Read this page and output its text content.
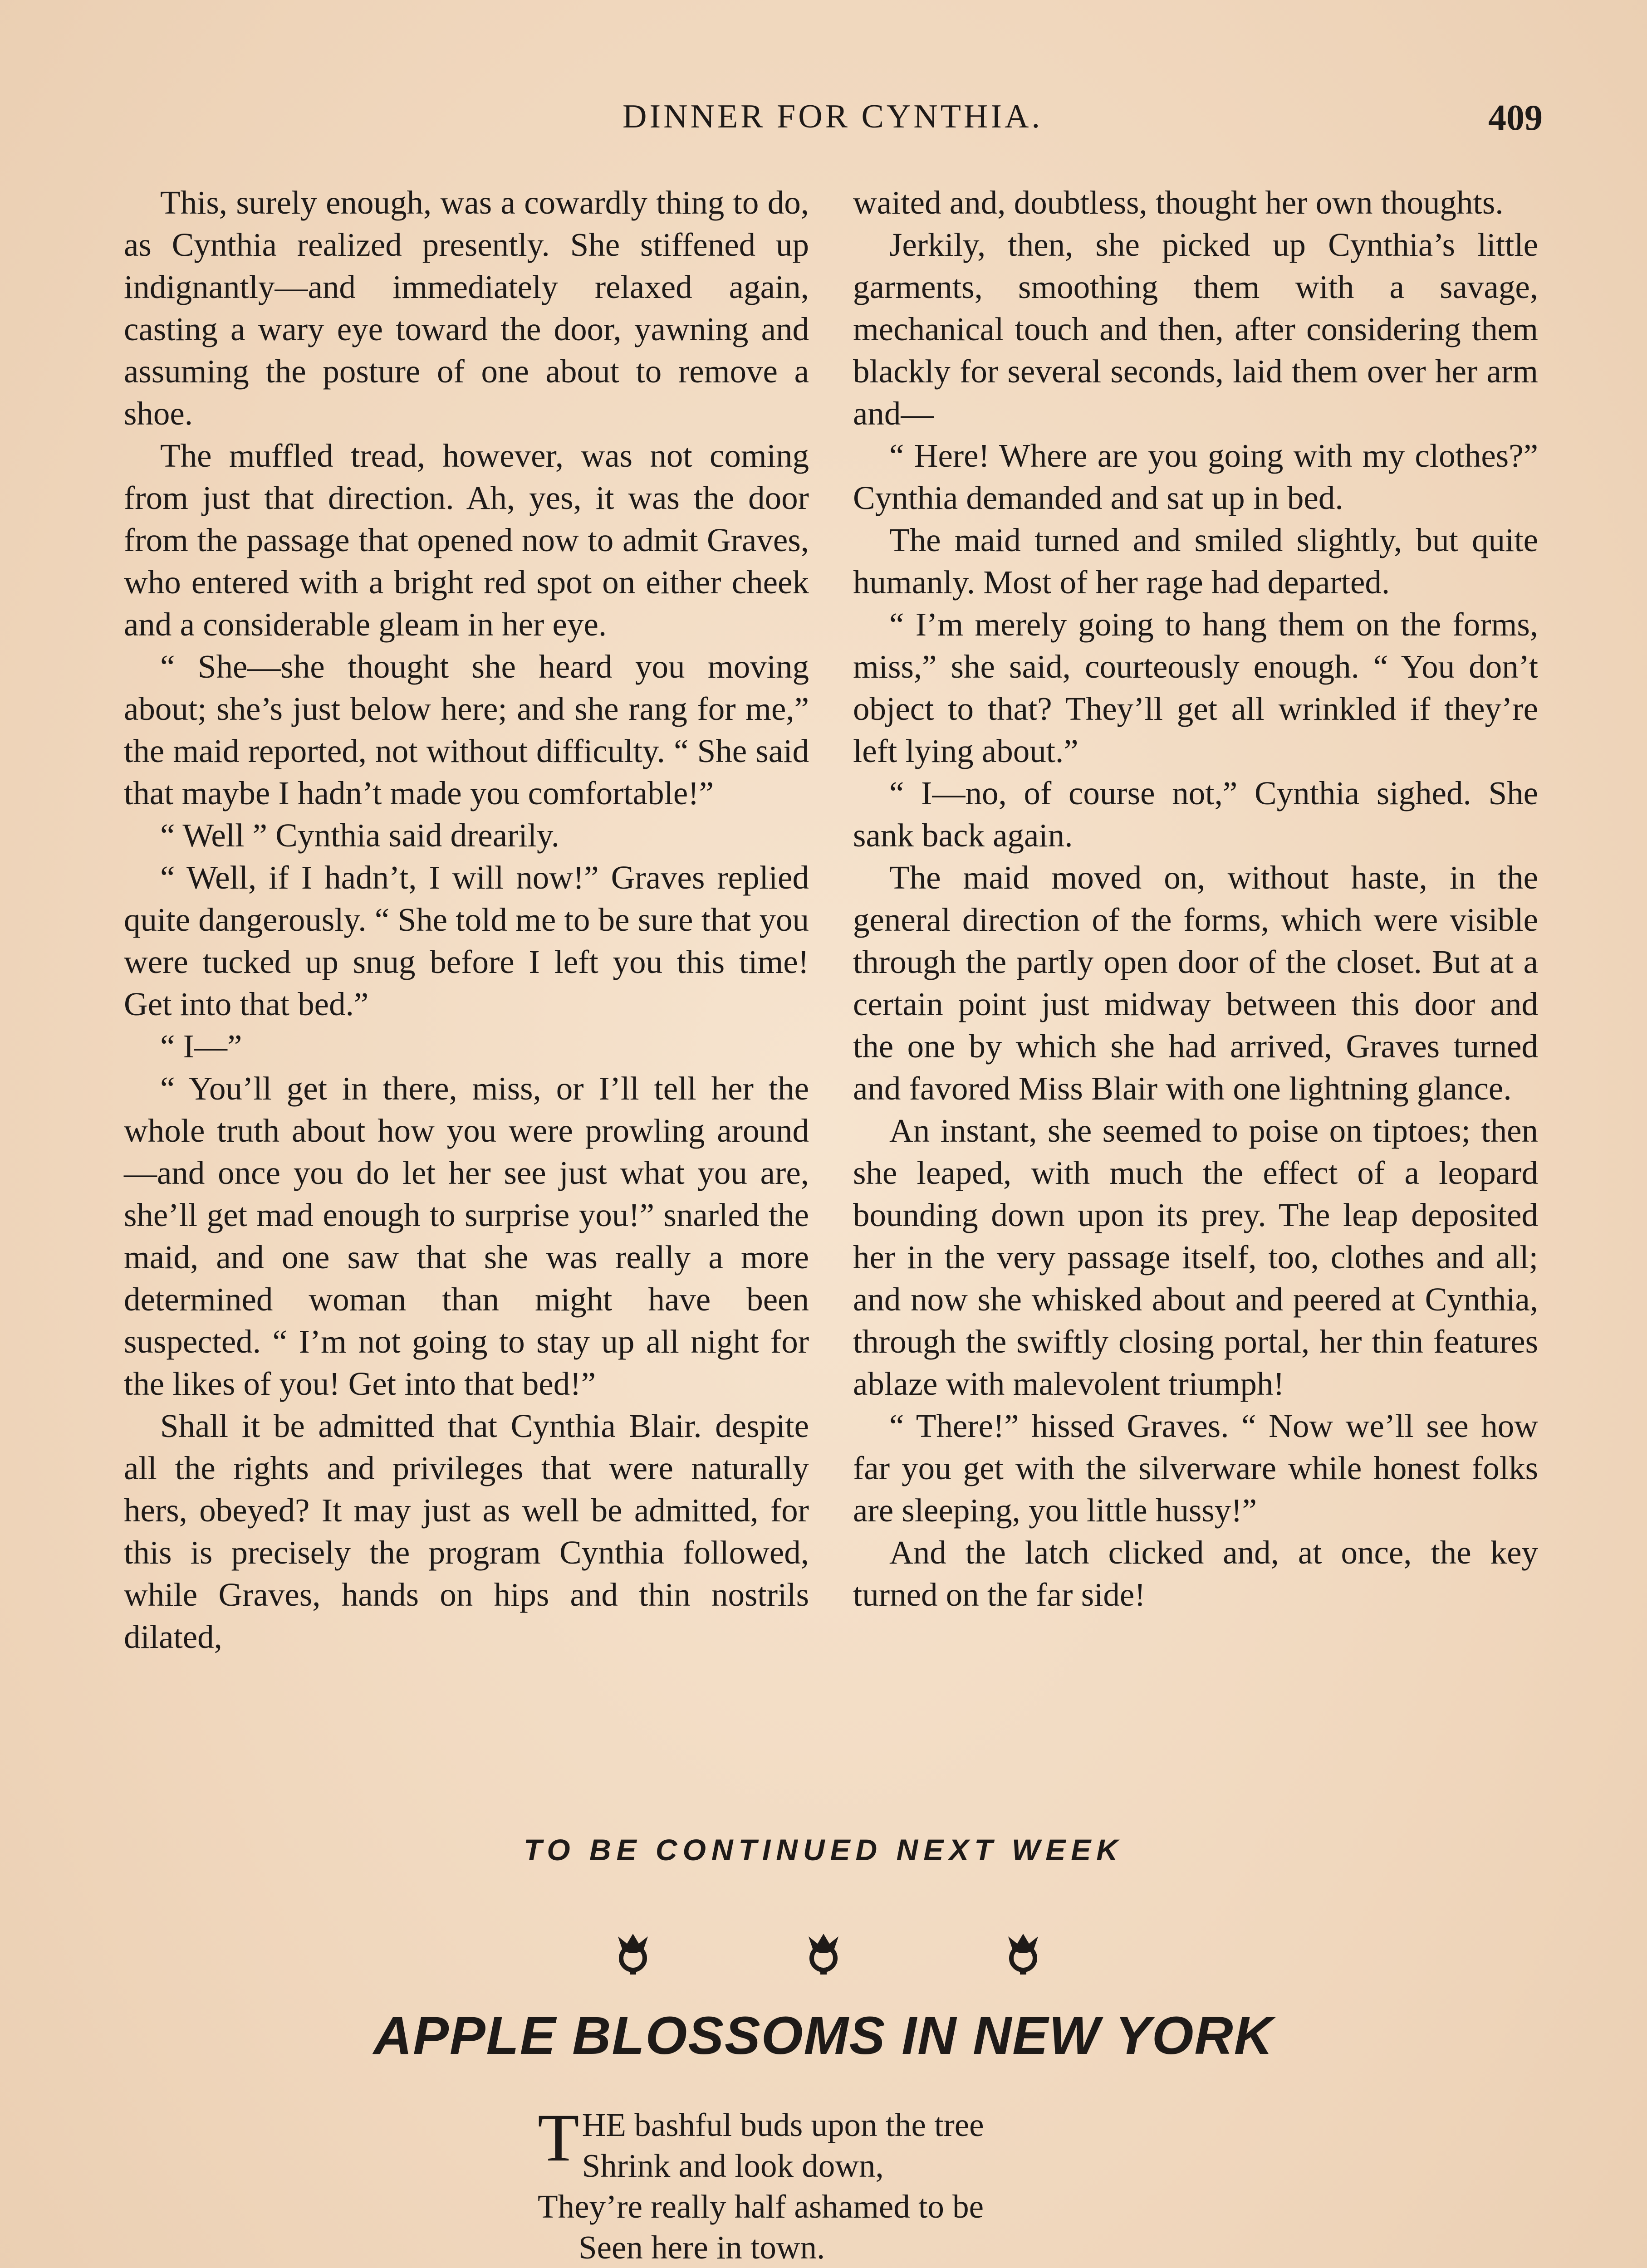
DINNER FOR CYNTHIA.	409

This, surely enough, was a cowardly thing to do, as Cynthia realized presently. She stiffened up indignantly—and immediately relaxed again, casting a wary eye toward the door, yawning and assuming the posture of one about to remove a shoe.

The muffled tread, however, was not coming from just that direction. Ah, yes, it was the door from the passage that opened now to admit Graves, who entered with a bright red spot on either cheek and a considerable gleam in her eye.

“ She—she thought she heard you moving about; she’s just below here; and she rang for me,” the maid reported, not without difficulty. “ She said that maybe I hadn’t made you comfortable!”

“ Well ” Cynthia said drearily.

“ Well, if I hadn’t, I will now!” Graves replied quite dangerously. “ She told me to be sure that you were tucked up snug before I left you this time! Get into that bed.”

“ I—”

“ You’ll get in there, miss, or I’ll tell her the whole truth about how you were prowling around—and once you do let her see just what you are, she’ll get mad enough to surprise you!” snarled the maid, and one saw that she was really a more determined woman than might have been suspected. “ I’m not going to stay up all night for the likes of you! Get into that bed!”

Shall it be admitted that Cynthia Blair. despite all the rights and privileges that were naturally hers, obeyed? It may just as well be admitted, for this is precisely the program Cynthia followed, while Graves, hands on hips and thin nostrils dilated,

waited and, doubtless, thought her own thoughts.

Jerkily, then, she picked up Cynthia’s little garments, smoothing them with a savage, mechanical touch and then, after considering them blackly for several seconds, laid them over her arm and—

“ Here! Where are you going with my clothes?” Cynthia demanded and sat up in bed.

The maid turned and smiled slightly, but quite humanly. Most of her rage had departed.

“ I’m merely going to hang them on the forms, miss,” she said, courteously enough. “ You don’t object to that? They’ll get all wrinkled if they’re left lying about.”

“ I—no, of course not,” Cynthia sighed. She sank back again.

The maid moved on, without haste, in the general direction of the forms, which were visible through the partly open door of the closet. But at a certain point just midway between this door and the one by which she had arrived, Graves turned and favored Miss Blair with one lightning glance.

An instant, she seemed to poise on tiptoes; then she leaped, with much the effect of a leopard bounding down upon its prey. The leap deposited her in the very passage itself, too, clothes and all; and now she whisked about and peered at Cynthia, through the swiftly closing portal, her thin features ablaze with malevolent triumph!

“ There!” hissed Graves. “ Now we’ll see how far you get with the silverware while honest folks are sleeping, you little hussy!”

And the latch clicked and, at once, the key turned on the far side!

TO BE CONTINUED NEXT WEEK
APPLE BLOSSOMS IN NEW YORK
THE bashful buds upon the tree
Shrink and look down,
They’re really half ashamed to be
Seen here in town.
